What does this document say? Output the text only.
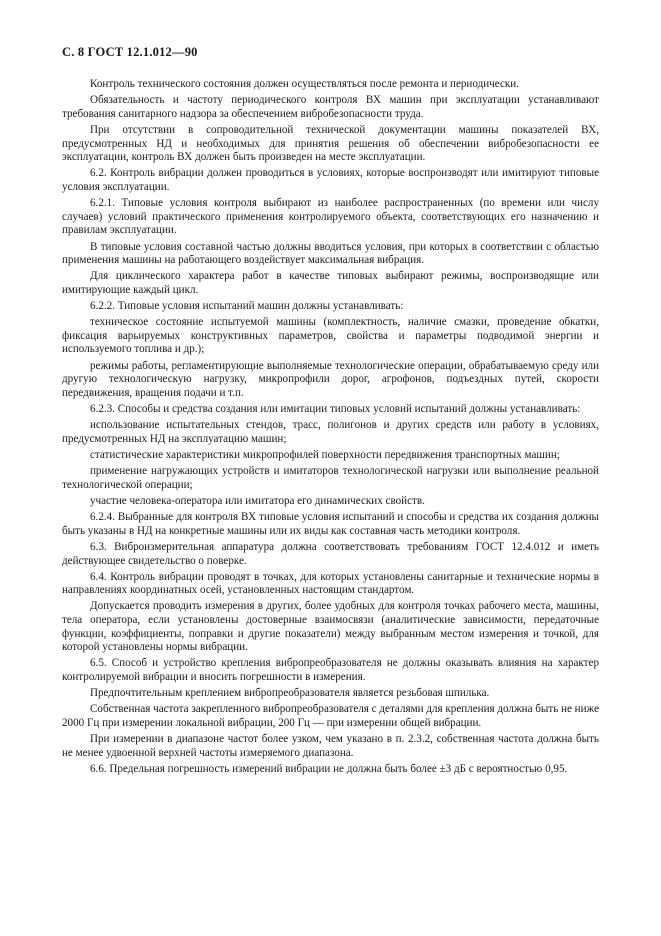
С. 8 ГОСТ 12.1.012—90

Контроль технического состояния должен осуществляться после ремонта и периодически.

Обязательность и частоту периодического контроля ВХ машин при эксплуатации устанавливают требования санитарного надзора за обеспечением вибробезопасности труда.

При отсутствии в сопроводительной технической документации машины показателей ВХ, предусмотренных НД и необходимых для принятия решения об обеспечении вибробезопасности ее эксплуатации, контроль ВХ должен быть произведен на месте эксплуатации.

6.2. Контроль вибрации должен проводиться в условиях, которые воспроизводят или имитируют типовые условия эксплуатации.

6.2.1. Типовые условия контроля выбирают из наиболее распространенных (по времени или числу случаев) условий практического применения контролируемого объекта, соответствующих его назначению и правилам эксплуатации.

В типовые условия составной частью должны вводиться условия, при которых в соответствии с областью применения машины на работающего воздействует максимальная вибрация.

Для циклического характера работ в качестве типовых выбирают режимы, воспроизводящие или имитирующие каждый цикл.

6.2.2. Типовые условия испытаний машин должны устанавливать:

техническое состояние испытуемой машины (комплектность, наличие смазки, проведение обкатки, фиксация варьируемых конструктивных параметров, свойства и параметры подводимой энергии и используемого топлива и др.);

режимы работы, регламентирующие выполняемые технологические операции, обрабатываемую среду или другую технологическую нагрузку, микропрофили дорог, агрофонов, подъездных путей, скорости передвижения, вращения подачи и т.п.

6.2.3. Способы и средства создания или имитации типовых условий испытаний должны устанавливать:

использование испытательных стендов, трасс, полигонов и других средств или работу в условиях, предусмотренных НД на эксплуатацию машин;

статистические характеристики микропрофилей поверхности передвижения транспортных машин;

применение нагружающих устройств и имитаторов технологической нагрузки или выполнение реальной технологической операции;

участие человека-оператора или имитатора его динамических свойств.

6.2.4. Выбранные для контроля ВХ типовые условия испытаний и способы и средства их создания должны быть указаны в НД на конкретные машины или их виды как составная часть методики контроля.

6.3. Виброизмерительная аппаратура должна соответствовать требованиям ГОСТ 12.4.012 и иметь действующее свидетельство о поверке.

6.4. Контроль вибрации проводят в точках, для которых установлены санитарные и технические нормы в направлениях координатных осей, установленных настоящим стандартом.

Допускается проводить измерения в других, более удобных для контроля точках рабочего места, машины, тела оператора, если установлены достоверные взаимосвязи (аналитические зависимости, передаточные функции, коэффициенты, поправки и другие показатели) между выбранным местом измерения и точкой, для которой установлены нормы вибрации.

6.5. Способ и устройство крепления вибропреобразователя не должны оказывать влияния на характер контролируемой вибрации и вносить погрешности в измерения.

Предпочтительным креплением вибропреобразователя является резьбовая шпилька.

Собственная частота закрепленного вибропреобразователя с деталями для крепления должна быть не ниже 2000 Гц при измерении локальной вибрации, 200 Гц — при измерении общей вибрации.

При измерении в диапазоне частот более узком, чем указано в п. 2.3.2, собственная частота должна быть не менее удвоенной верхней частоты измеряемого диапазона.

6.6. Предельная погрешность измерений вибрации не должна быть более ±3 дБ с вероятностью 0,95.
